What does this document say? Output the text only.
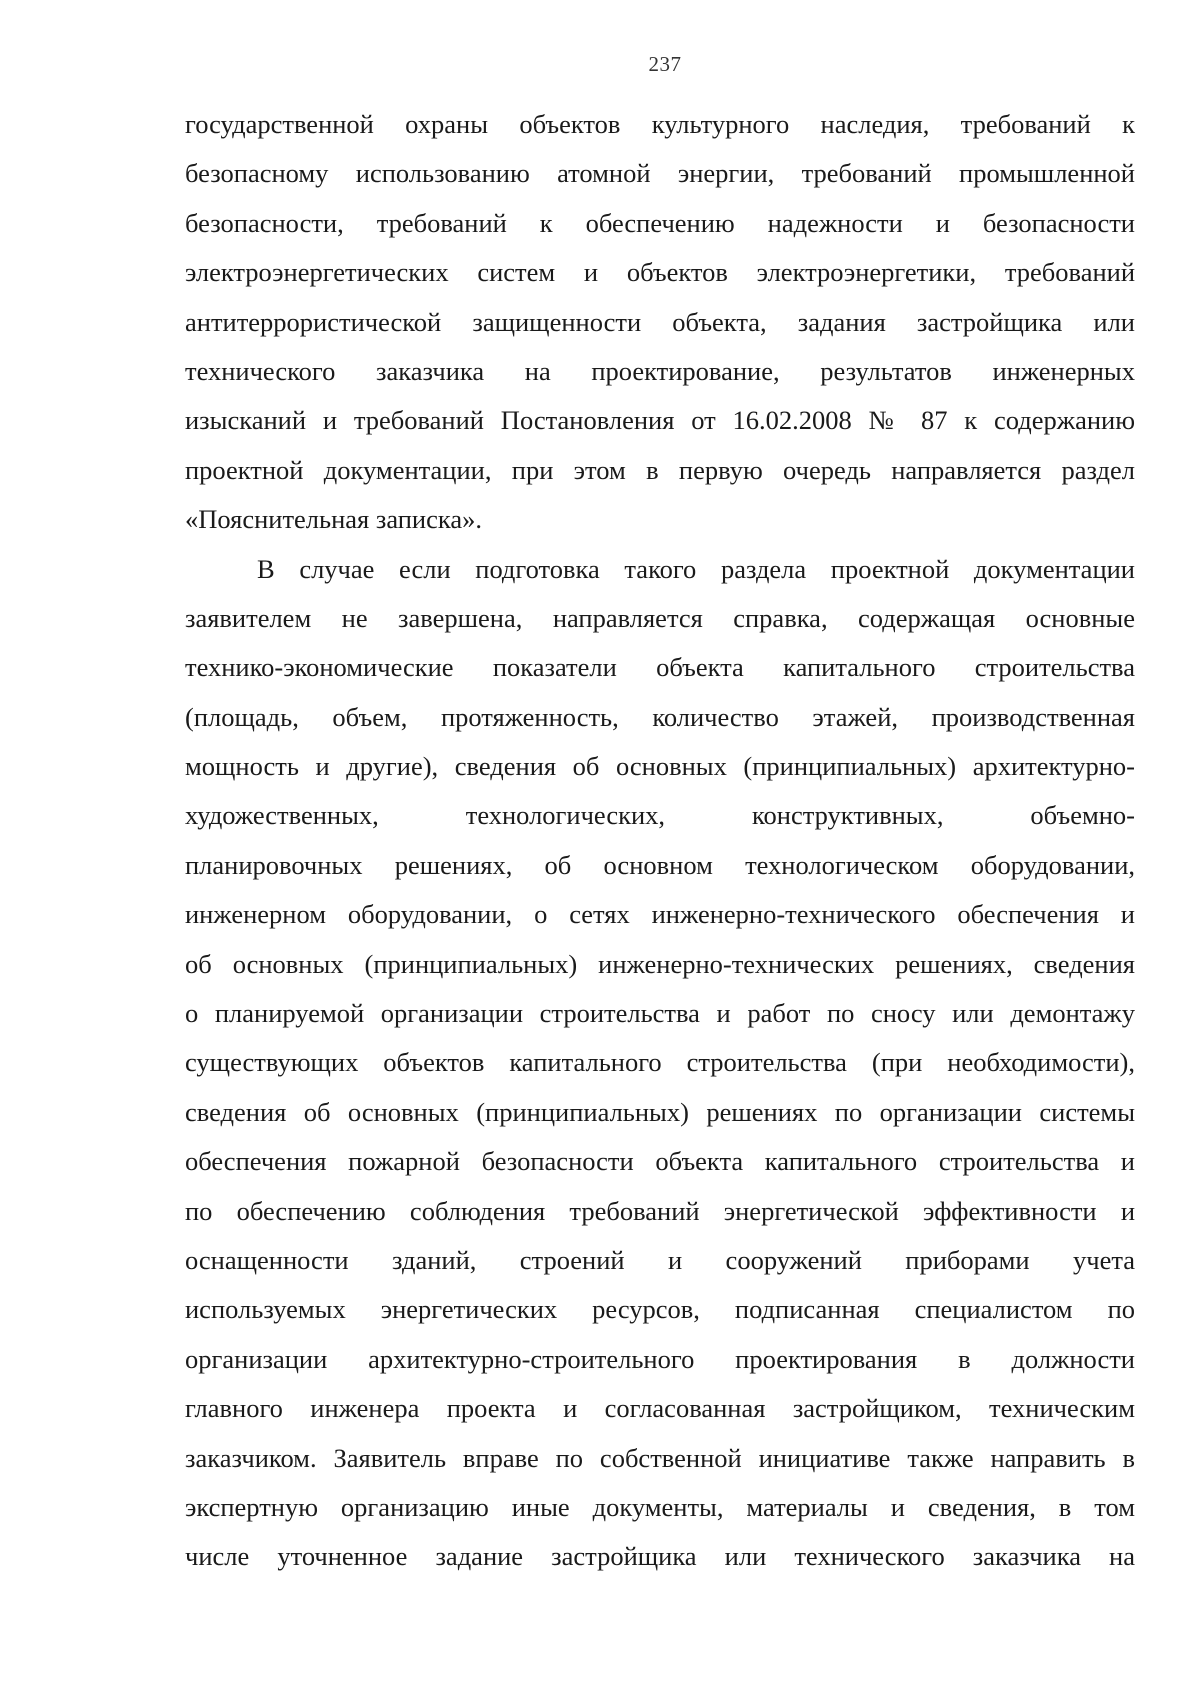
237
государственной охраны объектов культурного наследия, требований к
безопасному использованию атомной энергии, требований промышленной
безопасности, требований к обеспечению надежности и безопасности
электроэнергетических систем и объектов электроэнергетики, требований
антитеррористической защищенности объекта, задания застройщика или
технического заказчика на проектирование, результатов инженерных
изысканий и требований Постановления от 16.02.2008 № 87 к содержанию
проектной документации, при этом в первую очередь направляется раздел
«Пояснительная записка».
В случае если подготовка такого раздела проектной документации
заявителем не завершена, направляется справка, содержащая основные
технико-экономические показатели объекта капитального строительства
(площадь, объем, протяженность, количество этажей, производственная
мощность и другие), сведения об основных (принципиальных) архитектурно-
художественных, технологических, конструктивных, объемно-
планировочных решениях, об основном технологическом оборудовании,
инженерном оборудовании, о сетях инженерно-технического обеспечения и
об основных (принципиальных) инженерно-технических решениях, сведения
о планируемой организации строительства и работ по сносу или демонтажу
существующих объектов капитального строительства (при необходимости),
сведения об основных (принципиальных) решениях по организации системы
обеспечения пожарной безопасности объекта капитального строительства и
по обеспечению соблюдения требований энергетической эффективности и
оснащенности зданий, строений и сооружений приборами учета
используемых энергетических ресурсов, подписанная специалистом по
организации архитектурно-строительного проектирования в должности
главного инженера проекта и согласованная застройщиком, техническим
заказчиком. Заявитель вправе по собственной инициативе также направить в
экспертную организацию иные документы, материалы и сведения, в том
числе уточненное задание застройщика или технического заказчика на
